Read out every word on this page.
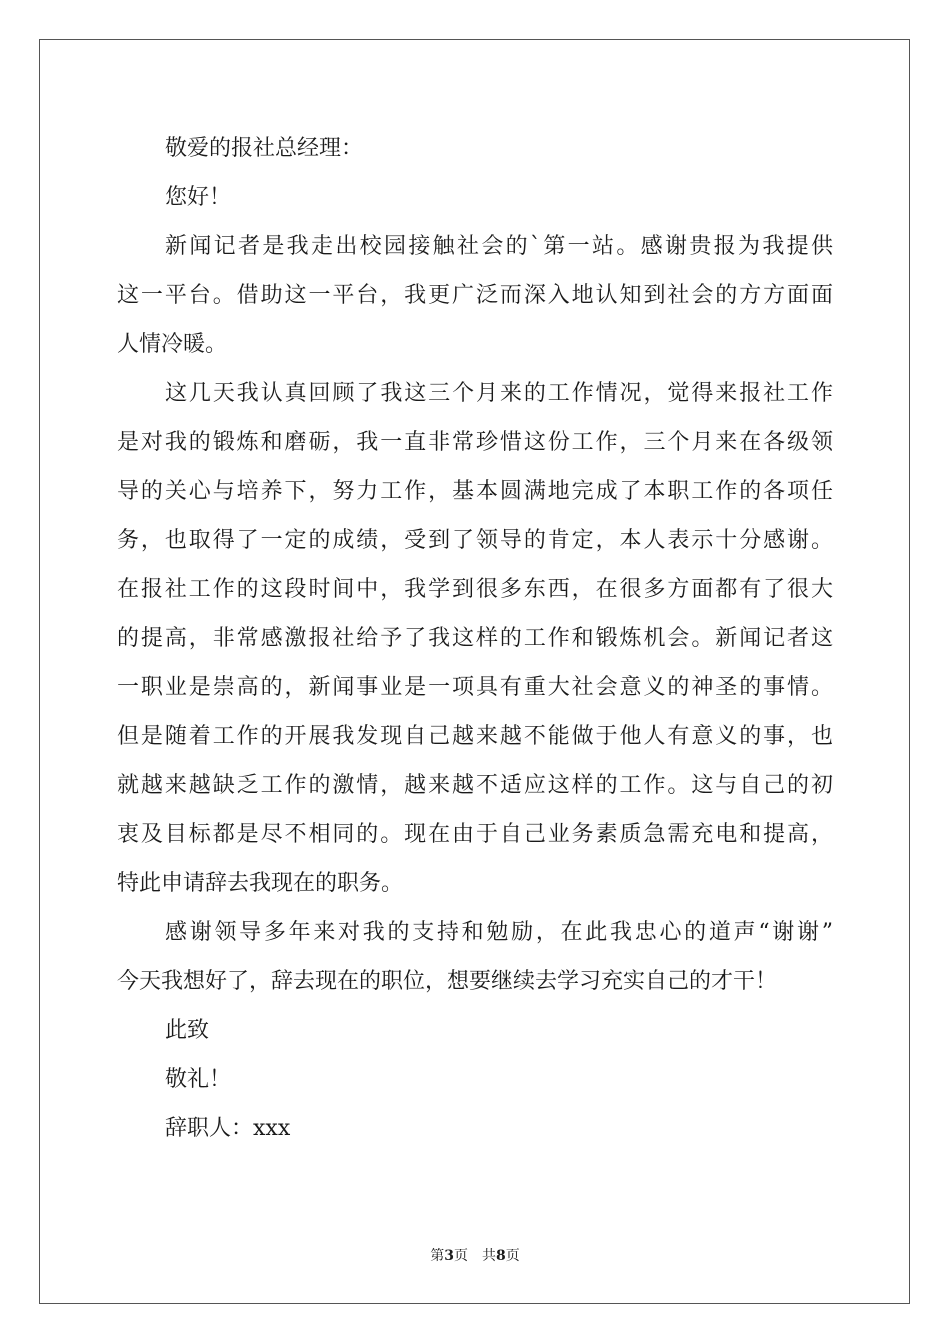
敬爱的报社总经理：
您好！
新闻记者是我走出校园接触社会的`第一站。感谢贵报为我提供
这一平台。借助这一平台，我更广泛而深入地认知到社会的方方面面
人情冷暖。
这几天我认真回顾了我这三个月来的工作情况，觉得来报社工作
是对我的锻炼和磨砺，我一直非常珍惜这份工作，三个月来在各级领
导的关心与培养下，努力工作，基本圆满地完成了本职工作的各项任
务，也取得了一定的成绩，受到了领导的肯定，本人表示十分感谢。
在报社工作的这段时间中，我学到很多东西，在很多方面都有了很大
的提高，非常感激报社给予了我这样的工作和锻炼机会。新闻记者这
一职业是崇高的，新闻事业是一项具有重大社会意义的神圣的事情。
但是随着工作的开展我发现自己越来越不能做于他人有意义的事，也
就越来越缺乏工作的激情，越来越不适应这样的工作。这与自己的初
衷及目标都是尽不相同的。现在由于自己业务素质急需充电和提高，
特此申请辞去我现在的职务。
感谢领导多年来对我的支持和勉励，在此我忠心的道声“谢谢”
今天我想好了，辞去现在的职位，想要继续去学习充实自己的才干！
此致
敬礼！
辞职人：xxx
第3页　共8页
